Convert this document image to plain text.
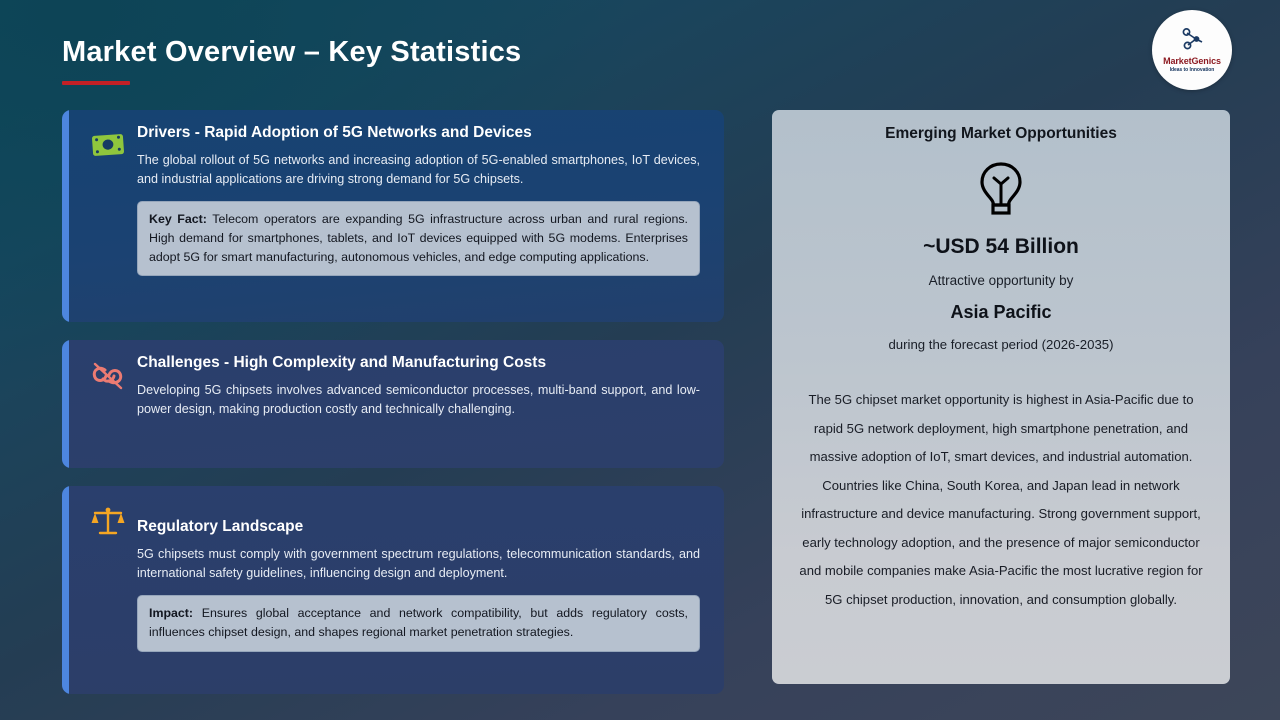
Market Overview – Key Statistics	MarketGenics
Ideas to Innovation
Drivers - Rapid Adoption of 5G Networks and Devices

The global rollout of 5G networks and increasing adoption of 5G-enabled smartphones, IoT devices, and industrial applications are driving strong demand for 5G chipsets.

Key Fact: Telecom operators are expanding 5G infrastructure across urban and rural regions. High demand for smartphones, tablets, and IoT devices equipped with 5G modems. Enterprises adopt 5G for smart manufacturing, autonomous vehicles, and edge computing applications.
Challenges - High Complexity and Manufacturing Costs

Developing 5G chipsets involves advanced semiconductor processes, multi-band support, and low-power design, making production costly and technically challenging.

Regulatory Landscape

5G chipsets must comply with government spectrum regulations, telecommunication standards, and international safety guidelines, influencing design and deployment.

Impact: Ensures global acceptance and network compatibility, but adds regulatory costs, influences chipset design, and shapes regional market penetration strategies.
Emerging Market Opportunities

~USD 54 Billion

Attractive opportunity by

Asia Pacific

during the forecast period (2026-2035)

The 5G chipset market opportunity is highest in Asia-Pacific due to rapid 5G network deployment, high smartphone penetration, and massive adoption of IoT, smart devices, and industrial automation. Countries like China, South Korea, and Japan lead in network infrastructure and device manufacturing. Strong government support, early technology adoption, and the presence of major semiconductor and mobile companies make Asia-Pacific the most lucrative region for 5G chipset production, innovation, and consumption globally.
